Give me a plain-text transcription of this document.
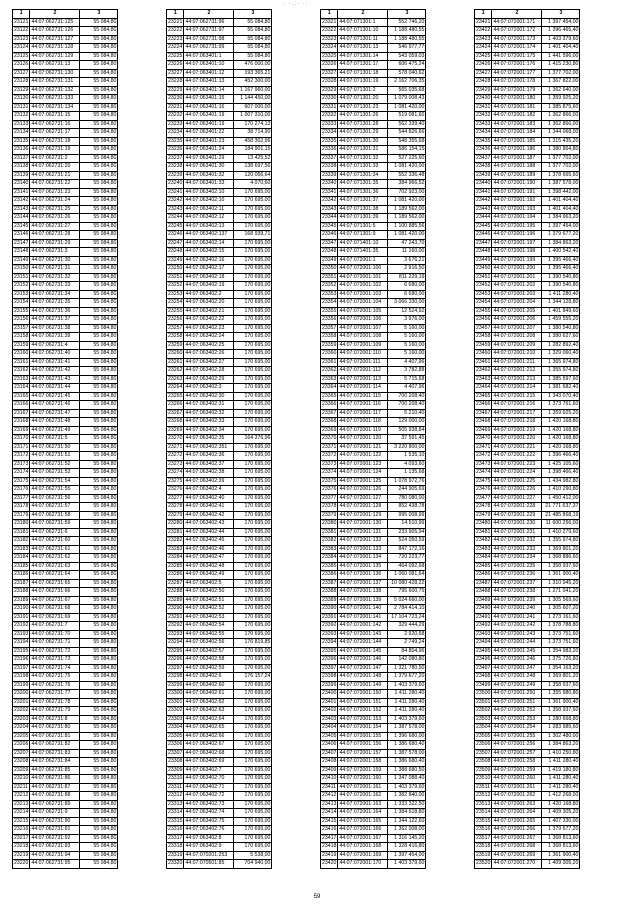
· ·.:· ·:·
1	2	3
23121	44:07:062731:125	55 084,80
23122	44:07:062731:126	55 084,80
23123	44:07:062731:127	55 084,80
23124	44:07:062731:128	55 084,80
23125	44:07:062731:129	55 084,80
23126	44:07:062731:13	55 084,80
23127	44:07:062731:130	55 084,80
23128	44:07:062731:131	55 084,80
23129	44:07:062731:132	55 084,80
23130	44:07:062731:133	55 084,80
23131	44:07:062731:134	55 084,80
23132	44:07:062731:15	55 084,80
23133	44:07:062731:16	55 084,80
23134	44:07:062731:17	55 084,80
23135	44:07:062731:18	55 084,80
23136	44:07:062731:19	55 084,80
23137	44:07:062731:2	55 084,80
23138	44:07:062731:20	55 084,80
23139	44:07:062731:21	55 084,80
23140	44:07:062731:22	55 084,80
23141	44:07:062731:23	55 084,80
23142	44:07:062731:24	55 084,80
23143	44:07:062731:25	55 084,80
23144	44:07:062731:26	55 084,80
23145	44:07:062731:27	55 084,80
23146	44:07:062731:28	55 084,80
23147	44:07:062731:29	55 084,80
23148	44:07:062731:3	55 084,80
23149	44:07:062731:30	55 084,80
23150	44:07:062731:31	55 084,80
23151	44:07:062731:32	55 084,80
23152	44:07:062731:33	55 084,80
23153	44:07:062731:34	55 084,80
23154	44:07:062731:35	55 084,80
23155	44:07:062731:36	55 084,80
23156	44:07:062731:37	55 084,80
23157	44:07:062731:38	55 084,80
23158	44:07:062731:39	55 084,80
23159	44:07:062731:4	55 084,80
23160	44:07:062731:40	55 084,80
23161	44:07:062731:41	55 084,80
23162	44:07:062731:42	55 084,80
23163	44:07:062731:43	55 084,80
23164	44:07:062731:44	55 084,80
23165	44:07:062731:45	55 084,80
23166	44:07:062731:46	55 084,80
23167	44:07:062731:47	55 084,80
23168	44:07:062731:48	55 084,80
23169	44:07:062731:49	55 084,80
23170	44:07:062731:5	55 084,80
23171	44:07:062731:50	55 084,80
23172	44:07:062731:51	55 084,80
23173	44:07:062731:52	55 084,80
23174	44:07:062731:53	55 084,80
23175	44:07:062731:54	55 084,80
23176	44:07:062731:55	55 084,80
23177	44:07:062731:56	55 084,80
23178	44:07:062731:57	55 084,80
23179	44:07:062731:58	55 084,80
23180	44:07:062731:59	55 084,80
23181	44:07:062731:6	55 084,80
23182	44:07:062731:60	55 084,80
23183	44:07:062731:61	55 084,80
23184	44:07:062731:62	55 084,80
23185	44:07:062731:63	55 084,80
23186	44:07:062731:64	55 084,80
23187	44:07:062731:65	55 084,80
23188	44:07:062731:66	55 084,80
23189	44:07:062731:67	55 084,80
23190	44:07:062731:68	55 084,80
23191	44:07:062731:69	55 084,80
23192	44:07:062731:7	55 084,80
23193	44:07:062731:70	55 084,80
23194	44:07:062731:71	55 084,80
23195	44:07:062731:72	55 084,80
23196	44:07:062731:73	55 084,80
23197	44:07:062731:74	55 084,80
23198	44:07:062731:75	55 084,80
23199	44:07:062731:76	55 084,80
23200	44:07:062731:77	55 084,80
23201	44:07:062731:78	55 084,80
23202	44:07:062731:79	55 084,80
23203	44:07:062731:8	55 084,80
23204	44:07:062731:80	55 084,80
23205	44:07:062731:81	55 084,80
23206	44:07:062731:82	55 084,80
23207	44:07:062731:83	55 084,80
23208	44:07:062731:84	55 084,80
23209	44:07:062731:85	55 084,80
23210	44:07:062731:86	55 084,80
23211	44:07:062731:87	55 084,80
23212	44:07:062731:88	55 084,80
23213	44:07:062731:89	55 084,80
23214	44:07:062731:9	55 084,80
23215	44:07:062731:90	55 084,80
23216	44:07:062731:91	55 084,80
23217	44:07:062731:92	55 084,80
23218	44:07:062731:93	55 084,80
23219	44:07:062731:94	55 084,80
23220	44:07:062731:95	55 084,80
1	2	3
23221	44:07:062731:96	55 084,80
23222	44:07:062731:97	55 084,80
23223	44:07:062731:98	55 084,80
23224	44:07:062731:99	55 084,80
23225	44:07:063401:1	55 084,80
23226	44:07:063401:10	476 000,00
23227	44:07:063401:12	193 365,21
23228	44:07:063401:13	452 300,00
23229	44:07:063401:14	1 167 960,00
23230	44:07:063401:15	1 144 450,00
23231	44:07:063401:16	607 000,00
23232	44:07:063401:19	1 007 310,00
23233	44:07:063401:19	170 274,13
23234	44:07:063401:22	38 714,90
23235	44:07:063401:23	458 302,96
23236	44:07:063401:24	184 901,15
23237	44:07:063401:29	13 425,52
23238	44:07:063401:30	138 697,56
23239	44:07:063401:32	120 056,64
23240	44:07:063401:33	4 070,60
23241	44:07:063402:10	170 695,00
23242	44:07:063402:10	170 695,00
23243	44:07:063402:11	170 695,00
23244	44:07:063402:12	170 695,00
23245	44:07:063402:13	170 695,00
23246	44:07:063402:137	168 939,71
23247	44:07:063402:14	170 695,00
23248	44:07:063402:15	170 695,00
23249	44:07:063402:16	170 695,00
23250	44:07:063402:17	170 695,00
23251	44:07:063402:18	170 695,00
23252	44:07:063402:19	170 695,00
23253	44:07:063402:2	170 695,00
23254	44:07:063402:20	170 695,00
23255	44:07:063402:21	170 695,00
23256	44:07:063402:22	170 695,00
23257	44:07:063402:23	170 695,00
23258	44:07:063402:24	170 695,00
23259	44:07:063402:25	170 695,00
23260	44:07:063402:26	170 695,00
23261	44:07:063402:27	170 695,00
23262	44:07:063402:28	170 695,00
23263	44:07:063402:29	170 695,00
23264	44:07:063402:3	170 695,00
23265	44:07:063402:30	170 695,00
23266	44:07:063402:31	170 695,00
23267	44:07:063402:32	170 695,00
23268	44:07:063402:33	170 695,00
23269	44:07:063402:34	170 695,00
23270	44:07:063402:35	164 376,96
23271	44:07:063402:351	170 695,00
23272	44:07:063402:36	170 695,00
23273	44:07:063402:37	170 695,00
23274	44:07:063402:38	170 695,00
23275	44:07:063402:39	170 695,00
23276	44:07:063402:4	170 695,00
23277	44:07:063402:40	170 695,00
23278	44:07:063402:41	170 695,00
23279	44:07:063402:42	170 695,00
23280	44:07:063402:43	170 695,00
23281	44:07:063402:44	170 695,00
23282	44:07:063402:45	170 695,00
23283	44:07:063402:46	170 695,00
23284	44:07:063402:47	170 695,00
23285	44:07:063402:48	170 695,00
23286	44:07:063402:49	170 695,00
23287	44:07:063402:5	170 695,00
23288	44:07:063402:50	170 695,00
23289	44:07:063402:51	170 695,00
23290	44:07:063402:52	170 695,00
23291	44:07:063402:53	170 695,00
23292	44:07:063402:54	170 695,00
23293	44:07:063402:55	170 695,00
23294	44:07:063402:56	176 819,85
23295	44:07:063402:57	170 695,00
23296	44:07:063402:58	170 695,00
23297	44:07:063402:59	170 695,00
23298	44:07:063402:6	176 157,24
23299	44:07:063402:60	170 695,00
23300	44:07:063402:61	170 695,00
23301	44:07:063402:62	170 695,00
23302	44:07:063402:63	170 695,00
23303	44:07:063402:64	170 695,00
23304	44:07:063402:65	170 695,00
23305	44:07:063402:66	170 695,00
23306	44:07:063402:67	170 695,00
23307	44:07:063402:68	170 695,00
23308	44:07:063402:69	170 695,00
23309	44:07:063402:7	170 695,00
23310	44:07:063402:70	170 695,00
23311	44:07:063402:71	170 695,00
23312	44:07:063402:72	170 695,00
23313	44:07:063402:73	170 695,00
23314	44:07:063402:74	170 695,00
23315	44:07:063402:75	170 695,00
23316	44:07:063402:76	170 695,00
23317	44:07:063402:8	170 695,00
23318	44:07:063402:9	170 695,00
23319	44:07:070201:253	5 538,00
23320	44:07:070501:85	704 940,00
1	2	3
23321	44:07:071301:1	552 746,20
23322	44:07:071301:10	1 188 480,55
23323	44:07:071301:11	1 188 480,55
23324	44:07:071301:13	546 977,77
23325	44:07:071301:14	543 059,03
23326	44:07:071301:17	606 475,24
23327	44:07:071301:18	578 040,62
23328	44:07:071301:19	2 162 706,35
23329	44:07:071301:2	565 035,68
23330	44:07:071301:20	1 079 008,43
23331	44:07:071301:23	1 081 420,00
23332	44:07:071301:26	519 081,60
23333	44:07:071301:28	562 339,40
23334	44:07:071301:29	544 826,66
23335	44:07:071301:30	548 355,68
23336	44:07:071301:31	586 154,15
23337	44:07:071301:32	527 225,60
23338	44:07:071301:33	1 081 420,00
23339	44:07:071301:34	552 336,48
23340	44:07:071301:35	384 966,52
23341	44:07:071301:36	702 923,00
23342	44:07:071301:37	1 081 420,00
23343	44:07:071301:38	1 189 562,00
23344	44:07:071301:39	1 189 562,00
23345	44:07:071301:5	1 100 885,56
23346	44:07:071301:9	1 081 420,00
23347	44:07:071401:10	47 243,70
23348	44:07:071401:35	11 160,00
23349	44:07:072001:1	3 676,21
23350	44:07:072001:100	2 916,50
23351	44:07:072001:101	811 229,19
23352	44:07:072001:102	6 680,00
23353	44:07:072001:103	6 680,00
23354	44:07:072001:104	3 066 330,00
23355	44:07:072001:105	12 524,92
23356	44:07:072001:106	3 976,00
23357	44:07:072001:107	5 160,00
23358	44:07:072001:108	5 160,00
23359	44:07:072001:109	5 160,00
23360	44:07:072001:110	5 160,00
23361	44:07:072001:111	4 407,96
23362	44:07:072001:112	3 782,88
23363	44:07:072001:113	5 715,68
23364	44:07:072001:114	4 407,96
23365	44:07:072001:115	700 208,40
23366	44:07:072001:116	700 208,40
23367	44:07:072001:117	5 210,40
23368	44:07:072001:118	129 000,00
23369	44:07:072001:119	505 938,84
23370	44:07:072001:120	37 591,45
23371	44:07:072001:121	3 220 800,00
23372	44:07:072001:122	1 535,10
23373	44:07:072001:123	4 093,60
23374	44:07:072001:124	1 135,68
23375	44:07:072001:125	1 078 972,76
23376	44:07:072001:126	244 905,69
23377	44:07:072001:127	780 080,00
23378	44:07:072001:128	852 438,78
23379	44:07:072001:129	995 008,99
23380	44:07:072001:130	14 510,99
23381	44:07:072001:131	233 905,94
23382	44:07:072001:132	524 050,59
23383	44:07:072001:133	847 172,16
23384	44:07:072001:134	720 223,77
23385	44:07:072001:135	464 092,68
23386	44:07:072001:136	1 060 081,64
23387	44:07:072001:137	10 080 428,22
23388	44:07:072001:138	795 600,75
23389	44:07:072001:139	5 024 660,00
23390	44:07:072001:140	2 784 414,10
23391	44:07:072001:141	17 104 723,24
23392	44:07:072001:142	329 444,29
23393	44:07:072001:143	2 920,68
23394	44:07:072001:144	2 749,24
23395	44:07:072001:145	84 804,96
23396	44:07:072001:146	142 080,80
23397	44:07:072001:147	1 321 780,50
23398	44:07:072001:148	1 379 677,20
23399	44:07:072001:149	1 403 379,60
23400	44:07:072001:150	1 411 280,40
23401	44:07:072001:151	1 411 280,40
23402	44:07:072001:152	1 411 280,40
23403	44:07:072001:153	1 403 379,60
23404	44:07:072001:154	1 387 578,00
23405	44:07:072001:155	1 396 680,00
23406	44:07:072001:156	1 386 680,40
23407	44:07:072001:157	1 387 578,00
23408	44:07:072001:158	1 386 680,40
23409	44:07:072001:159	1 388 680,50
23410	44:07:072001:160	1 347 088,40
23411	44:07:072001:161	1 403 379,60
23412	44:07:072001:162	1 382 840,00
23413	44:07:072001:163	1 333 322,50
23414	44:07:072001:164	1 384 618,80
23415	44:07:072001:165	1 344 122,60
23416	44:07:072001:166	1 362 008,00
23417	44:07:072001:167	1 316 145,20
23418	44:07:072001:168	1 328 416,80
23419	44:07:072001:169	1 397 454,00
23420	44:07:072001:170	1 403 379,60
1	2	3
23421	44:07:072001:171	1 397 454,00
23422	44:07:072001:172	1 396 465,40
23423	44:07:072001:173	1 403 379,60
23424	44:07:072001:174	1 401 404,40
23425	44:07:072001:175	1 441 596,00
23426	44:07:072001:176	1 415 230,80
23427	44:07:072001:177	1 377 702,00
23428	44:07:072001:178	1 367 822,00
23429	44:07:072001:179	1 362 640,00
23430	44:07:072001:180	1 359 925,20
23431	44:07:072001:181	1 385 875,60
23432	44:07:072001:182	1 362 866,00
23433	44:07:072001:183	1 362 866,00
23434	44:07:072001:184	1 344 068,00
23435	44:07:072001:185	1 315 435,20
23436	44:07:072001:186	1 380 864,80
23437	44:07:072001:187	1 377 702,00
23438	44:07:072001:188	1 377 702,00
23439	44:07:072001:189	1 378 665,60
23440	44:07:072001:190	1 387 578,00
23441	44:07:072001:191	1 398 442,00
23442	44:07:072001:192	1 401 404,40
23443	44:07:072001:193	1 401 404,40
23444	44:07:072001:194	1 384 963,20
23445	44:07:072001:195	1 397 454,00
23446	44:07:072001:196	1 379 677,20
23447	44:07:072001:197	1 384 863,20
23448	44:07:072001:198	1 400 542,40
23449	44:07:072001:199	1 395 466,40
23450	44:07:072001:200	1 395 466,40
23451	44:07:072001:201	1 390 540,80
23452	44:07:072001:202	1 390 540,80
23453	44:07:072001:203	1 411 280,40
23454	44:07:072001:204	1 344 128,80
23455	44:07:072001:205	1 401 849,60
23456	44:07:072001:206	1 459 555,20
23457	44:07:072001:207	1 380 540,80
23458	44:07:072001:208	1 380 627,60
23459	44:07:072001:209	1 282 892,40
23460	44:07:072001:210	1 329 060,40
23461	44:07:072001:211	1 365 974,80
23462	44:07:072001:212	1 355 974,80
23463	44:07:072001:213	1 385 597,60
23464	44:07:072001:214	1 381 682,40
23465	44:07:072001:215	1 343 070,40
23466	44:07:072001:216	1 373 761,60
23467	44:07:072001:217	1 359 925,20
23468	44:07:072001:218	1 420 168,80
23469	44:07:072001:219	1 420 168,80
23470	44:07:072001:220	1 420 168,80
23471	44:07:072001:221	1 420 168,80
23472	44:07:072001:222	1 396 466,40
23473	44:07:072001:223	1 425 105,60
23474	44:07:072001:224	1 398 466,40
23475	44:07:072001:225	1 434 982,80
23476	44:07:072001:226	1 410 290,80
23477	44:07:072001:227	1 450 412,00
23478	44:07:072001:228	21 771 637,37
23479	44:07:072001:229	21 485 868,19
23480	44:07:072001:230	11 600 256,00
23481	44:07:072001:231	1 410 279,60
23482	44:07:072001:232	1 355 974,80
23483	44:07:072001:233	1 369 801,20
23484	44:07:072001:234	1 368 886,60
23485	44:07:072001:235	1 358 937,60
23486	44:07:072001:236	1 361 900,40
23487	44:07:072001:237	1 310 945,20
23488	44:07:072001:238	1 271 041,20
23489	44:07:072001:239	1 305 569,60
23490	44:07:072001:240	1 305 607,20
23491	44:07:072001:241	1 273 161,60
23492	44:07:072001:242	1 378 788,80
23493	44:07:072001:243	1 373 751,60
23494	44:07:072001:244	1 373 751,60
23495	44:07:072001:245	1 354 983,20
23496	44:07:072001:246	1 375 726,80
23497	44:07:072001:247	1 354 163,20
23498	44:07:072001:248	1 369 801,20
23499	44:07:072001:249	1 358 937,60
23500	44:07:072001:250	1 355 980,80
23501	44:07:072001:251	1 361 900,40
23502	44:07:072001:252	1 358 937,60
23503	44:07:072001:253	1 280 668,80
23504	44:07:072001:254	1 283 985,60
23505	44:07:072001:255	1 302 480,00
23506	44:07:072001:256	1 384 863,20
23507	44:07:072001:257	1 410 250,80
23508	44:07:072001:258	1 411 280,40
23509	44:07:072001:259	1 419 180,80
23510	44:07:072001:260	1 411 280,40
23511	44:07:072001:261	1 411 280,40
23512	44:07:072001:262	1 412 268,00
23513	44:07:072001:263	1 420 168,80
23514	44:07:072001:264	1 409 305,20
23515	44:07:072001:265	1 407 330,00
23516	44:07:072001:266	1 379 677,20
23517	44:07:072001:267	1 368 813,60
23518	44:07:072001:268	1 368 813,60
23519	44:07:072001:269	1 361 900,40
23520	44:07:072001:270	1 409 305,20
59
